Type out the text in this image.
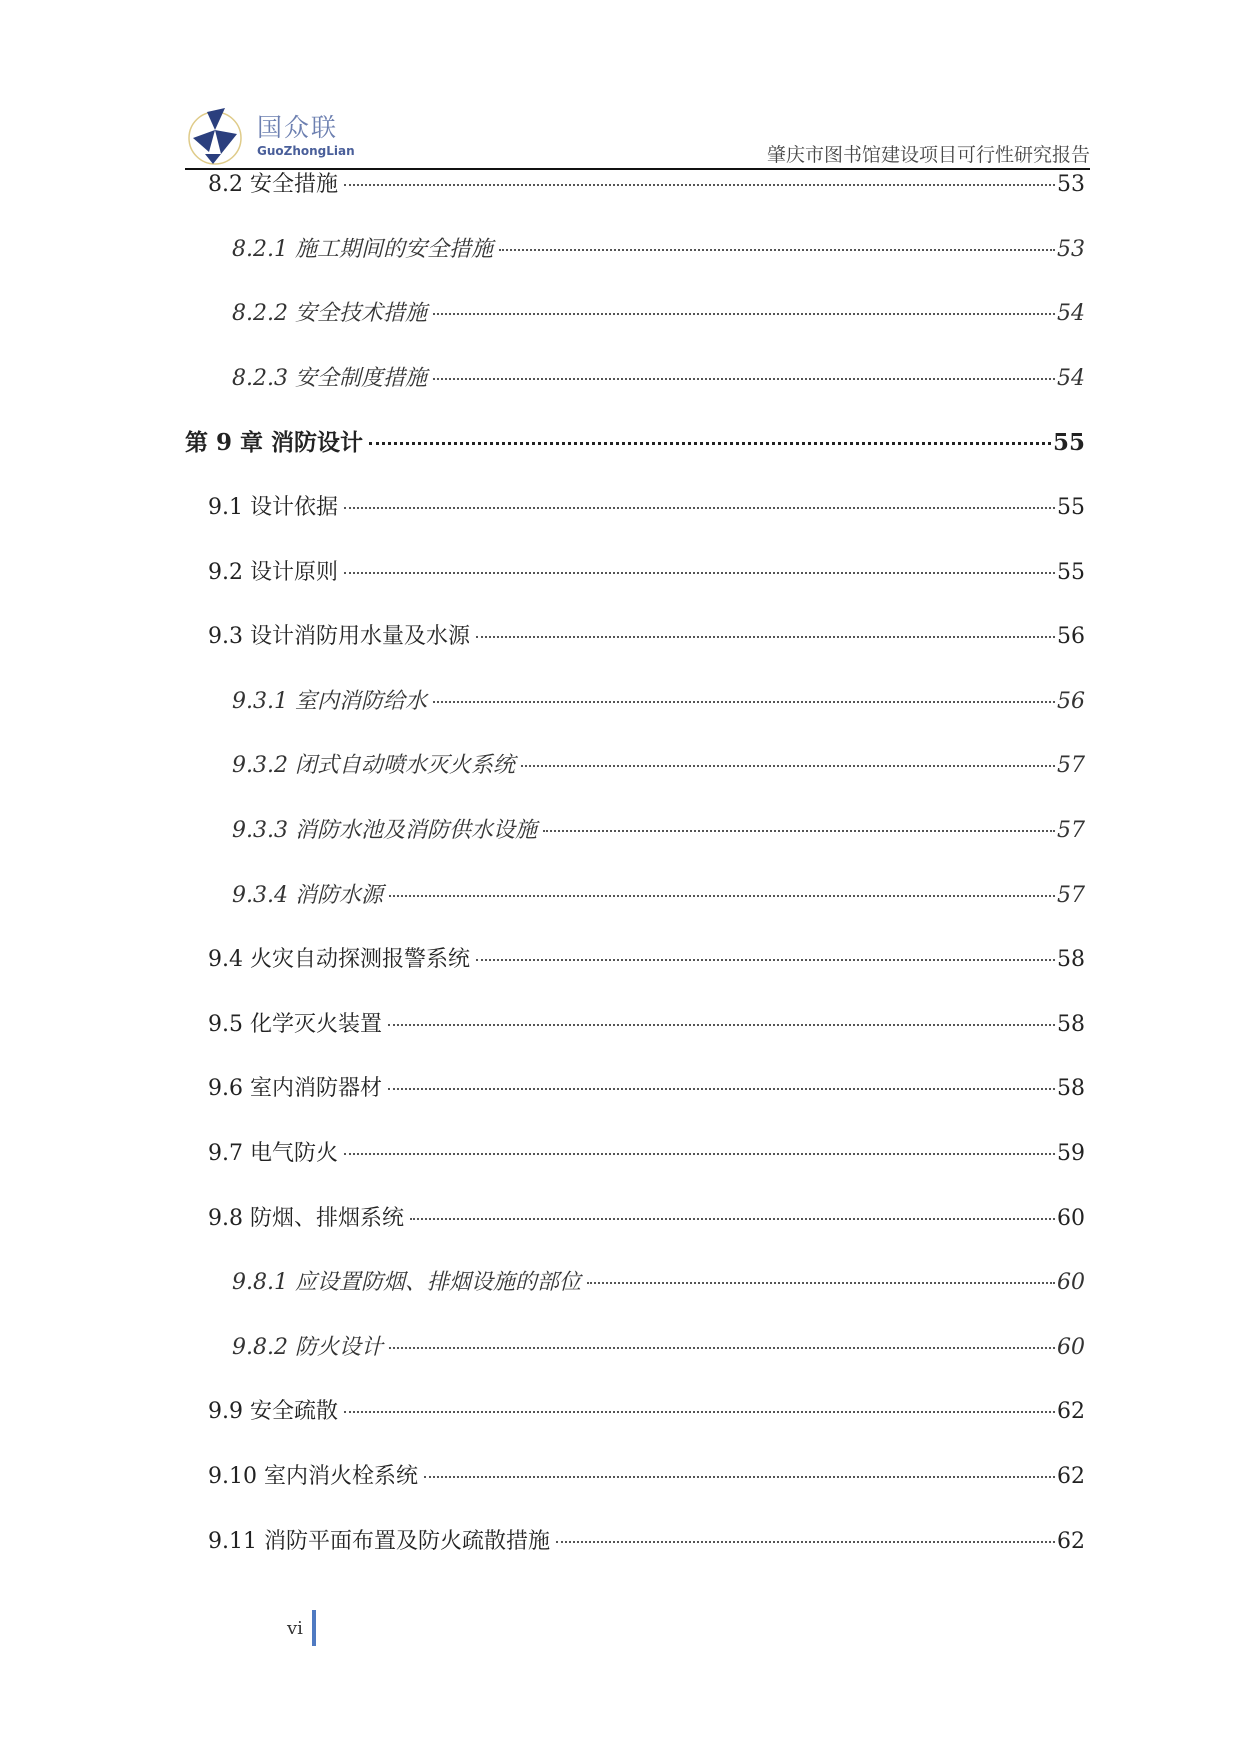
国众联
GuoZhongLian	肇庆市图书馆建设项目可行性研究报告
8.2 安全措施	53
8.2.1 施工期间的安全措施	53
8.2.2 安全技术措施	54
8.2.3 安全制度措施	54
第 9 章 消防设计	55
9.1 设计依据	55
9.2 设计原则	55
9.3 设计消防用水量及水源	56
9.3.1 室内消防给水	56
9.3.2 闭式自动喷水灭火系统	57
9.3.3 消防水池及消防供水设施	57
9.3.4 消防水源	57
9.4 火灾自动探测报警系统	58
9.5 化学灭火装置	58
9.6 室内消防器材	58
9.7 电气防火	59
9.8 防烟、排烟系统	60
9.8.1 应设置防烟、排烟设施的部位	60
9.8.2 防火设计	60
9.9 安全疏散	62
9.10 室内消火栓系统	62
9.11 消防平面布置及防火疏散措施	62
vi
